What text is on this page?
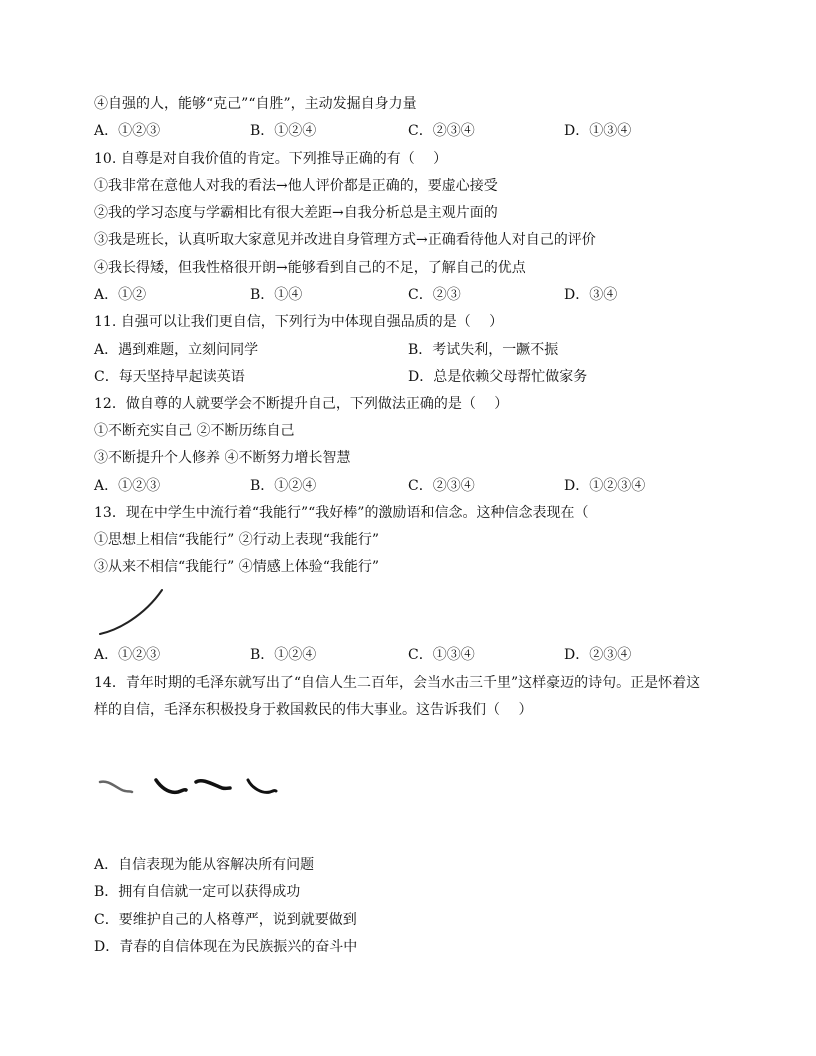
④自强的人，能够“克己”“自胜”，主动发掘自身力量
A．①②③	B．①②④	C．②③④	D．①③④
10. 自尊是对自我价值的肯定。下列推导正确的有（　 ）
①我非常在意他人对我的看法→他人评价都是正确的，要虚心接受
②我的学习态度与学霸相比有很大差距→自我分析总是主观片面的
③我是班长，认真听取大家意见并改进自身管理方式→正确看待他人对自己的评价
④我长得矮，但我性格很开朗→能够看到自己的不足，了解自己的优点
A．①②	B．①④	C．②③	D．③④
11. 自强可以让我们更自信，下列行为中体现自强品质的是（　 ）
A．遇到难题，立刻问同学	B．考试失利，一蹶不振
C．每天坚持早起读英语	D．总是依赖父母帮忙做家务
12．做自尊的人就要学会不断提升自己，下列做法正确的是（　 ）
①不断充实自己 ②不断历练自己
③不断提升个人修养 ④不断努力增长智慧
A．①②③	B．①②④	C．②③④	D．①②③④
13．现在中学生中流行着“我能行”“我好棒”的激励语和信念。这种信念表现在（
①思想上相信“我能行” ②行动上表现“我能行”
③从来不相信“我能行” ④情感上体验“我能行”
A．①②③	B．①②④	C．①③④	D．②③④
14．青年时期的毛泽东就写出了“自信人生二百年，会当水击三千里”这样豪迈的诗句。正是怀着这
样的自信，毛泽东积极投身于救国救民的伟大事业。这告诉我们（　 ）
A．自信表现为能从容解决所有问题
B．拥有自信就一定可以获得成功
C．要维护自己的人格尊严，说到就要做到
D．青春的自信体现在为民族振兴的奋斗中
